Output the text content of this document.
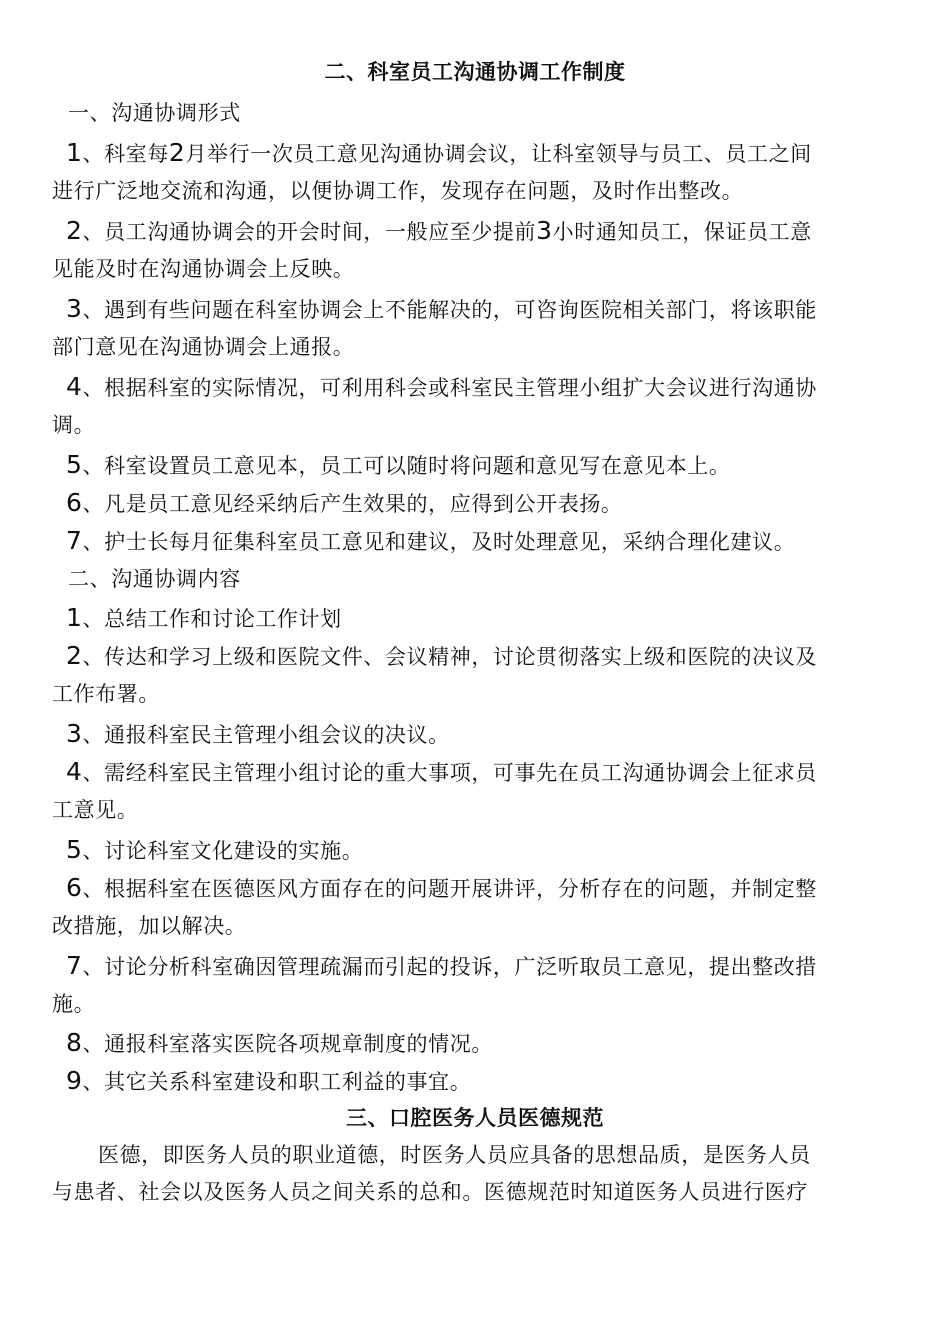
二、科室员工沟通协调工作制度
一、沟通协调形式
1、科室每2月举行一次员工意见沟通协调会议，让科室领导与员工、员工之间
进行广泛地交流和沟通，以便协调工作，发现存在问题，及时作出整改。
2、员工沟通协调会的开会时间，一般应至少提前3小时通知员工，保证员工意
见能及时在沟通协调会上反映。
3、遇到有些问题在科室协调会上不能解决的，可咨询医院相关部门，将该职能
部门意见在沟通协调会上通报。
4、根据科室的实际情况，可利用科会或科室民主管理小组扩大会议进行沟通协
调。
5、科室设置员工意见本，员工可以随时将问题和意见写在意见本上。
6、凡是员工意见经采纳后产生效果的，应得到公开表扬。
7、护士长每月征集科室员工意见和建议，及时处理意见，采纳合理化建议。
二、沟通协调内容
1、总结工作和讨论工作计划
2、传达和学习上级和医院文件、会议精神，讨论贯彻落实上级和医院的决议及
工作布署。
3、通报科室民主管理小组会议的决议。
4、需经科室民主管理小组讨论的重大事项，可事先在员工沟通协调会上征求员
工意见。
5、讨论科室文化建设的实施。
6、根据科室在医德医风方面存在的问题开展讲评，分析存在的问题，并制定整
改措施，加以解决。
7、讨论分析科室确因管理疏漏而引起的投诉，广泛听取员工意见，提出整改措
施。
8、通报科室落实医院各项规章制度的情况。
9、其它关系科室建设和职工利益的事宜。
三、口腔医务人员医德规范
医德，即医务人员的职业道德，时医务人员应具备的思想品质，是医务人员
与患者、社会以及医务人员之间关系的总和。医德规范时知道医务人员进行医疗
